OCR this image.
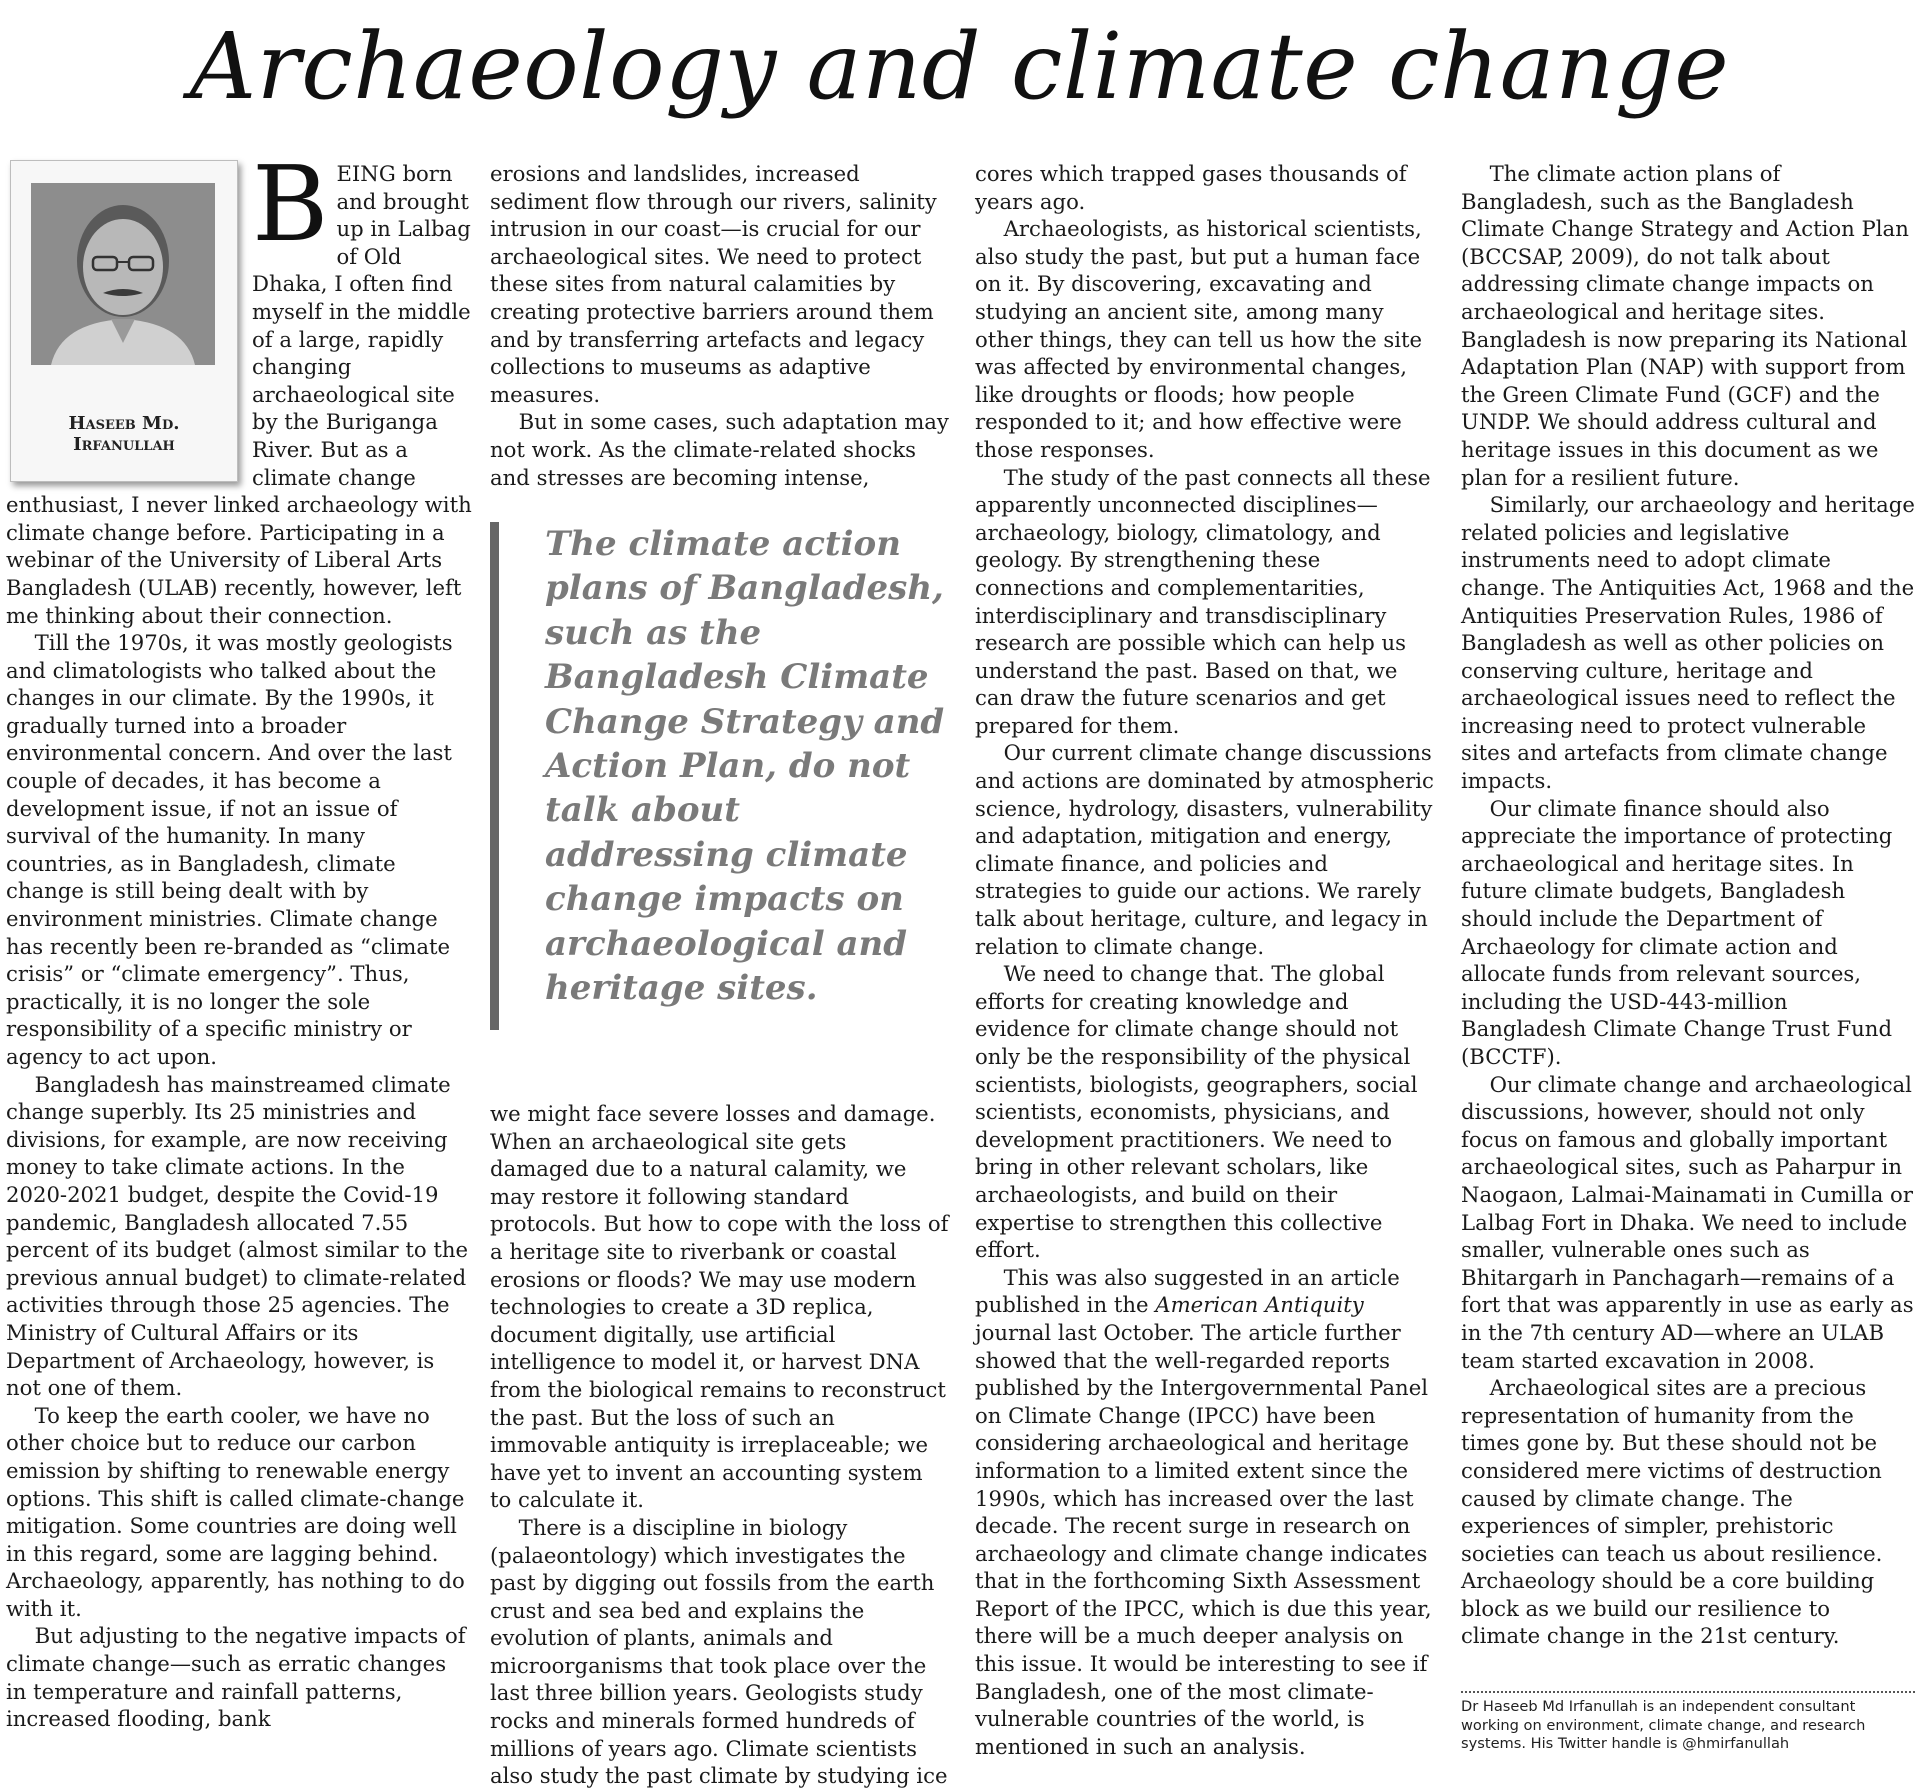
Archaeology and climate change
Haseeb Md.
Irfanullah
B EING born and brought up in Lalbag of Old Dhaka, I often find myself in the middle of a large, rapidly changing archaeological site by the Buriganga River. But as a climate change enthusiast, I never linked archaeology with climate change before. Participating in a webinar of the University of Liberal Arts Bangladesh (ULAB) recently, however, left me thinking about their connection.

Till the 1970s, it was mostly geologists and climatologists who talked about the changes in our climate. By the 1990s, it gradually turned into a broader environmental concern. And over the last couple of decades, it has become a development issue, if not an issue of survival of the humanity. In many countries, as in Bangladesh, climate change is still being dealt with by environment ministries. Climate change has recently been re-branded as “climate crisis” or “climate emergency”. Thus, practically, it is no longer the sole responsibility of a specific ministry or agency to act upon.

Bangladesh has mainstreamed climate change superbly. Its 25 ministries and divisions, for example, are now receiving money to take climate actions. In the 2020-2021 budget, despite the Covid-19 pandemic, Bangladesh allocated 7.55 percent of its budget (almost similar to the previous annual budget) to climate-related activities through those 25 agencies. The Ministry of Cultural Affairs or its Department of Archaeology, however, is not one of them.

To keep the earth cooler, we have no other choice but to reduce our carbon emission by shifting to renewable energy options. This shift is called climate-change mitigation. Some countries are doing well in this regard, some are lagging behind. Archaeology, apparently, has nothing to do with it.

But adjusting to the negative impacts of climate change—such as erratic changes in temperature and rainfall patterns, increased flooding, bank

erosions and landslides, increased sediment flow through our rivers, salinity intrusion in our coast—is crucial for our archaeological sites. We need to protect these sites from natural calamities by creating protective barriers around them and by transferring artefacts and legacy collections to museums as adaptive measures.

But in some cases, such adaptation may not work. As the climate-related shocks and stresses are becoming intense,

The climate action plans of Bangladesh, such as the Bangladesh Climate Change Strategy and Action Plan, do not talk about addressing climate change impacts on archaeological and heritage sites.

we might face severe losses and damage. When an archaeological site gets damaged due to a natural calamity, we may restore it following standard protocols. But how to cope with the loss of a heritage site to riverbank or coastal erosions or floods? We may use modern technologies to create a 3D replica, document digitally, use artificial intelligence to model it, or harvest DNA from the biological remains to reconstruct the past. But the loss of such an immovable antiquity is irreplaceable; we have yet to invent an accounting system to calculate it.

There is a discipline in biology (palaeontology) which investigates the past by digging out fossils from the earth crust and sea bed and explains the evolution of plants, animals and microorganisms that took place over the last three billion years. Geologists study rocks and minerals formed hundreds of millions of years ago. Climate scientists also study the past climate by studying ice

cores which trapped gases thousands of years ago.

Archaeologists, as historical scientists, also study the past, but put a human face on it. By discovering, excavating and studying an ancient site, among many other things, they can tell us how the site was affected by environmental changes, like droughts or floods; how people responded to it; and how effective were those responses.

The study of the past connects all these apparently unconnected disciplines—archaeology, biology, climatology, and geology. By strengthening these connections and complementarities, interdisciplinary and transdisciplinary research are possible which can help us understand the past. Based on that, we can draw the future scenarios and get prepared for them.

Our current climate change discussions and actions are dominated by atmospheric science, hydrology, disasters, vulnerability and adaptation, mitigation and energy, climate finance, and policies and strategies to guide our actions. We rarely talk about heritage, culture, and legacy in relation to climate change.

We need to change that. The global efforts for creating knowledge and evidence for climate change should not only be the responsibility of the physical scientists, biologists, geographers, social scientists, economists, physicians, and development practitioners. We need to bring in other relevant scholars, like archaeologists, and build on their expertise to strengthen this collective effort.

This was also suggested in an article published in the American Antiquity journal last October. The article further showed that the well-regarded reports published by the Intergovernmental Panel on Climate Change (IPCC) have been considering archaeological and heritage information to a limited extent since the 1990s, which has increased over the last decade. The recent surge in research on archaeology and climate change indicates that in the forthcoming Sixth Assessment Report of the IPCC, which is due this year, there will be a much deeper analysis on this issue. It would be interesting to see if Bangladesh, one of the most climate-vulnerable countries of the world, is mentioned in such an analysis.

The climate action plans of Bangladesh, such as the Bangladesh Climate Change Strategy and Action Plan (BCCSAP, 2009), do not talk about addressing climate change impacts on archaeological and heritage sites. Bangladesh is now preparing its National Adaptation Plan (NAP) with support from the Green Climate Fund (GCF) and the UNDP. We should address cultural and heritage issues in this document as we plan for a resilient future.

Similarly, our archaeology and heritage related policies and legislative instruments need to adopt climate change. The Antiquities Act, 1968 and the Antiquities Preservation Rules, 1986 of Bangladesh as well as other policies on conserving culture, heritage and archaeological issues need to reflect the increasing need to protect vulnerable sites and artefacts from climate change impacts.

Our climate finance should also appreciate the importance of protecting archaeological and heritage sites. In future climate budgets, Bangladesh should include the Department of Archaeology for climate action and allocate funds from relevant sources, including the USD-443-million Bangladesh Climate Change Trust Fund (BCCTF).

Our climate change and archaeological discussions, however, should not only focus on famous and globally important archaeological sites, such as Paharpur in Naogaon, Lalmai-Mainamati in Cumilla or Lalbag Fort in Dhaka. We need to include smaller, vulnerable ones such as Bhitargarh in Panchagarh—remains of a fort that was apparently in use as early as in the 7th century AD—where an ULAB team started excavation in 2008.

Archaeological sites are a precious representation of humanity from the times gone by. But these should not be considered mere victims of destruction caused by climate change. The experiences of simpler, prehistoric societies can teach us about resilience. Archaeology should be a core building block as we build our resilience to climate change in the 21st century.

Dr Haseeb Md Irfanullah is an independent consultant working on environment, climate change, and research systems. His Twitter handle is @hmirfanullah
